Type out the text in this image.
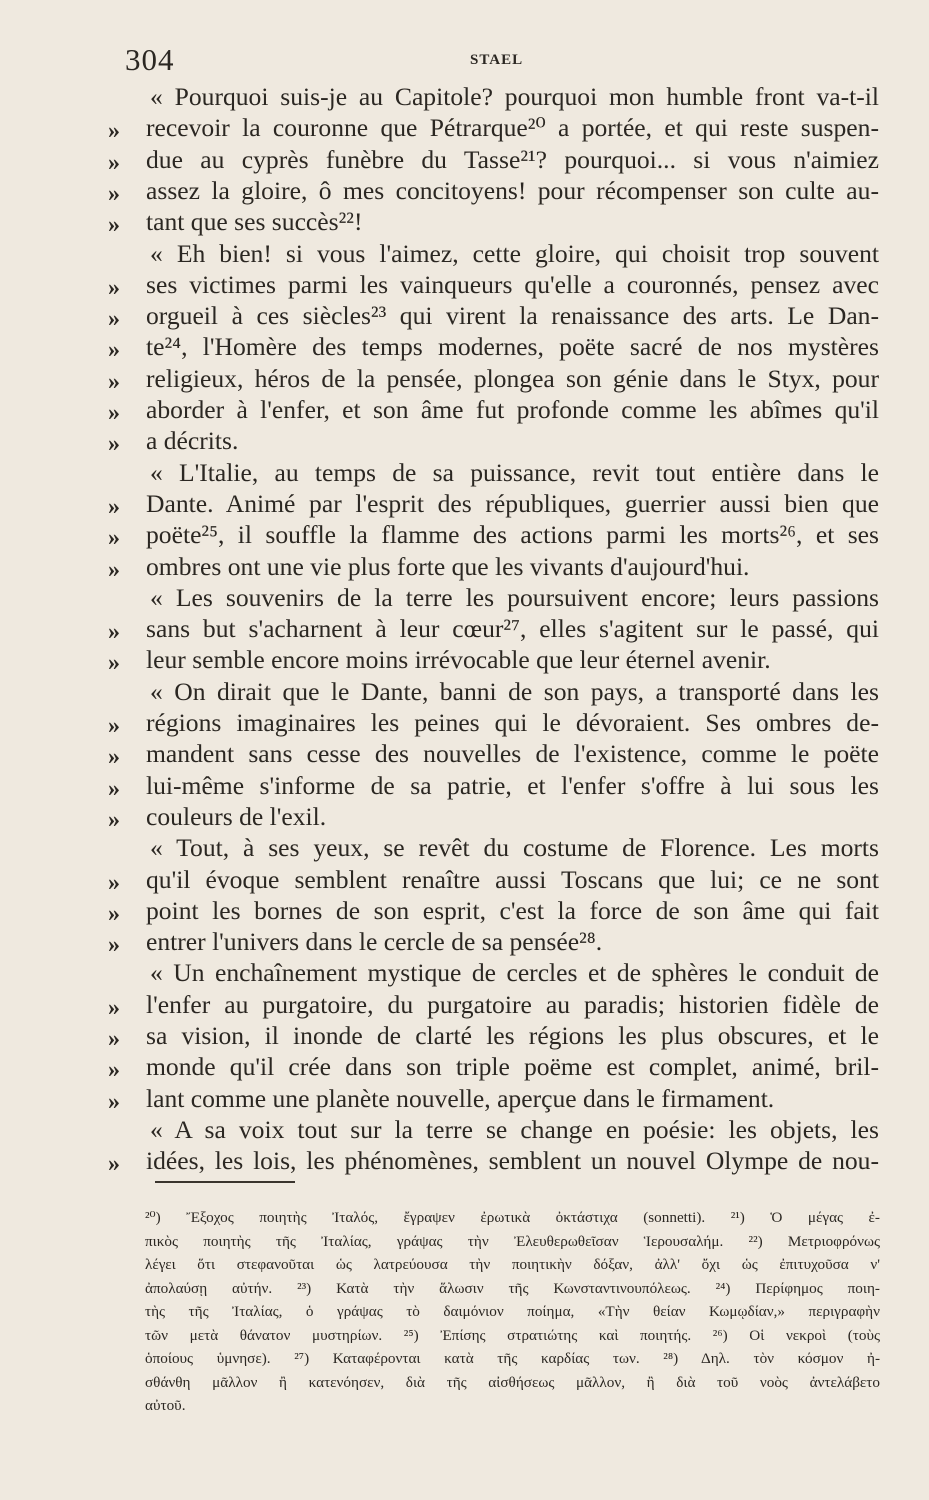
304	STAEL
« Pourquoi suis-je au Capitole? pourquoi mon humble front va-t-il
» recevoir la couronne que Pétrarque²⁰ a portée, et qui reste suspen-
» due au cyprès funèbre du Tasse²¹? pourquoi... si vous n'aimiez
» assez la gloire, ô mes concitoyens! pour récompenser son culte au-
» tant que ses succès²²!
« Eh bien! si vous l'aimez, cette gloire, qui choisit trop souvent
» ses victimes parmi les vainqueurs qu'elle a couronnés, pensez avec
» orgueil à ces siècles²³ qui virent la renaissance des arts. Le Dan-
» te²⁴, l'Homère des temps modernes, poëte sacré de nos mystères
» religieux, héros de la pensée, plongea son génie dans le Styx, pour
» aborder à l'enfer, et son âme fut profonde comme les abîmes qu'il
» a décrits.
« L'Italie, au temps de sa puissance, revit tout entière dans le
» Dante. Animé par l'esprit des républiques, guerrier aussi bien que
» poëte²⁵, il souffle la flamme des actions parmi les morts²⁶, et ses
» ombres ont une vie plus forte que les vivants d'aujourd'hui.
« Les souvenirs de la terre les poursuivent encore; leurs passions
» sans but s'acharnent à leur cœur²⁷, elles s'agitent sur le passé, qui
» leur semble encore moins irrévocable que leur éternel avenir.
« On dirait que le Dante, banni de son pays, a transporté dans les
» régions imaginaires les peines qui le dévoraient. Ses ombres de-
» mandent sans cesse des nouvelles de l'existence, comme le poëte
» lui-même s'informe de sa patrie, et l'enfer s'offre à lui sous les
» couleurs de l'exil.
« Tout, à ses yeux, se revêt du costume de Florence. Les morts
» qu'il évoque semblent renaître aussi Toscans que lui; ce ne sont
» point les bornes de son esprit, c'est la force de son âme qui fait
» entrer l'univers dans le cercle de sa pensée²⁸.
« Un enchaînement mystique de cercles et de sphères le conduit de
» l'enfer au purgatoire, du purgatoire au paradis; historien fidèle de
» sa vision, il inonde de clarté les régions les plus obscures, et le
» monde qu'il crée dans son triple poëme est complet, animé, bril-
» lant comme une planète nouvelle, aperçue dans le firmament.
« A sa voix tout sur la terre se change en poésie: les objets, les
» idées, les lois, les phénomènes, semblent un nouvel Olympe de nou-
²⁰) Ἔξοχος ποιητὴς Ἰταλός, ἔγραψεν ἐρωτικὰ ὀκτάστιχα (sonnetti). ²¹) Ὁ μέγας ἐ-
πικὸς ποιητὴς τῆς Ἰταλίας, γράψας τὴν Ἐλευθερωθεῖσαν Ἱερουσαλήμ. ²²) Μετριοφρόνως
λέγει ὅτι στεφανοῦται ὡς λατρεύουσα τὴν ποιητικὴν δόξαν, ἀλλ' ὄχι ὡς ἐπιτυχοῦσα ν'
ἀπολαύσῃ αὐτήν. ²³) Κατὰ τὴν ἅλωσιν τῆς Κωνσταντινουπόλεως. ²⁴) Περίφημος ποιη-
τὴς τῆς Ἰταλίας, ὁ γράψας τὸ δαιμόνιον ποίημα, «Τὴν θείαν Κωμῳδίαν,» περιγραφὴν
τῶν μετὰ θάνατον μυστηρίων. ²⁵) Ἐπίσης στρατιώτης καὶ ποιητής. ²⁶) Οἱ νεκροὶ (τοὺς
ὁποίους ὑμνησε). ²⁷) Καταφέρονται κατὰ τῆς καρδίας των. ²⁸) Δηλ. τὸν κόσμον ἠ-
σθάνθη μᾶλλον ἢ κατενόησεν, διὰ τῆς αἰσθήσεως μᾶλλον, ἢ διὰ τοῦ νοὸς ἀντελάβετο
αὐτοῦ.
